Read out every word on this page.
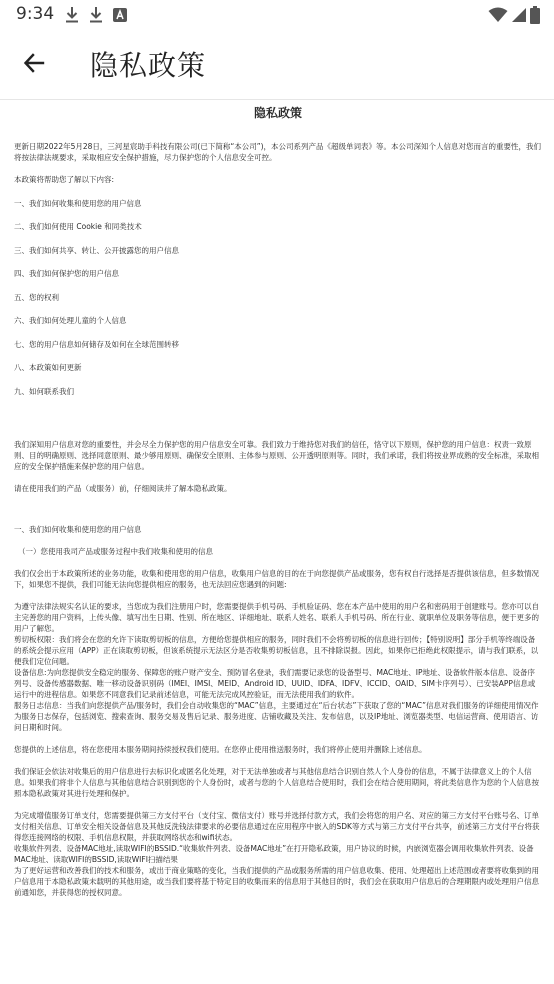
9:34
隐私政策
隐私政策
更新日期2022年5月28日，三河星宸助手科技有限公司(已下简称“本公司”)，本公司系列产品《超级单词表》等。本公司深知个人信息对您而言的重要性，我们将按法律法规要求，采取相应安全保护措施，尽力保护您的个人信息安全可控。
本政策将帮助您了解以下内容:
一、我们如何收集和使用您的用户信息
二、我们如何使用 Cookie 和同类技术
三、我们如何共享、转让、公开披露您的用户信息
四、我们如何保护您的用户信息
五、您的权利
六、我们如何处理儿童的个人信息
七、您的用户信息如何储存及如何在全球范围转移
八、本政策如何更新
九、如何联系我们
我们深知用户信息对您的重要性，并会尽全力保护您的用户信息安全可靠。我们致力于维持您对我们的信任，恪守以下原则，保护您的用户信息：权责一致原则、目的明确原则、选择同意原则、最少够用原则、确保安全原则、主体参与原则、公开透明原则等。同时，我们承诺，我们将按业界成熟的安全标准，采取相应的安全保护措施来保护您的用户信息。
请在使用我们的产品（或服务）前，仔细阅读并了解本隐私政策。
一、我们如何收集和使用您的用户信息
（一）您使用我司产品或服务过程中我们收集和使用的信息
我们仅会出于本政策所述的业务功能，收集和使用您的用户信息，收集用户信息的目的在于向您提供产品或服务，您有权自行选择是否提供该信息，但多数情况下，如果您不提供，我们可能无法向您提供相应的服务，也无法回应您遇到的问题:
为遵守法律法规实名认证的要求，当您成为我们注册用户时，您需要提供手机号码、手机验证码、您在本产品中使用的用户名和密码用于创建账号。您亦可以自主完善您的用户资料，上传头像、填写出生日期、性别、所在地区、详细地址、联系人姓名、联系人手机号码、所在行业、就职单位及职务等信息，便于更多的用户了解您。
剪切板权限：我们将会在您的允许下读取剪切板的信息，方便给您提供相应的服务，同时我们不会将剪切板的信息进行回传；【特别说明】部分手机等终端设备的系统会提示应用（APP）正在读取剪切板，但该系统提示无法区分是否收集剪切板信息，且不排除误报。因此，如果你已拒绝此权限提示，请与我们联系，以便我们定位问题。
设备信息:为向您提供安全稳定的服务、保障您的账户财产安全、预防冒名登录，我们需要记录您的设备型号、MAC地址、IP地址、设备软件版本信息、设备序列号、设备传感器数据、唯一移动设备识别码（IMEI、IMSI、MEID、Android ID、UUID、IDFA、IDFV、ICCID、OAID、SIM卡序列号）、已安装APP信息或运行中的进程信息。如果您不同意我们记录前述信息，可能无法完成风控验证，而无法使用我们的软件。
服务日志信息：当我们向您提供产品/服务时，我们会自动收集您的“MAC”信息，主要通过在“后台状态”下获取了您的“MAC”信息对我们服务的详细使用情况作为服务日志保存，包括浏览、搜索查询、服务交易及售后记录、服务进度、店铺收藏及关注、发布信息，以及IP地址、浏览器类型、电信运营商、使用语言、访问日期和时间。
您提供的上述信息，将在您使用本服务期间持续授权我们使用。在您停止使用推送服务时，我们将停止使用并删除上述信息。
我们保证会依法对收集后的用户信息进行去标识化或匿名化处理，对于无法单独或者与其他信息结合识别自然人个人身份的信息，不属于法律意义上的个人信息。如果我们将非个人信息与其他信息结合识别到您的个人身份时，或者与您的个人信息结合使用时，我们会在结合使用期间，将此类信息作为您的个人信息按照本隐私政策对其进行处理和保护。
为完成增值服务订单支付，您需要提供第三方支付平台（支付宝、微信支付）账号并选择付款方式，我们会将您的用户名、对应的第三方支付平台账号名、订单支付相关信息、订单安全相关设备信息及其他反洗钱法律要求的必要信息通过在应用程序中嵌入的SDK等方式与第三方支付平台共享，前述第三方支付平台将获得您连接网络的权限、手机信息权限，并获取网络状态和wifi状态。
收集软件列表、设备MAC地址,读取WIFI的BSSID.“收集软件列表、设备MAC地址”在打开隐私政策，用户协议的时候，内嵌浏览器会调用收集软件列表、设备MAC地址、读取WIFI的BSSID,读取WIFI扫描结果
为了更好运营和改善我们的技术和服务，或出于商业策略的变化，当我们提供的产品或服务所需的用户信息收集、使用、处理超出上述范围或者要将收集到的用户信息用于本隐私政策未载明的其他用途，或当我们要将基于特定目的收集而来的信息用于其他目的时，我们会在获取用户信息后的合理期限内或处理用户信息前通知您，并获得您的授权同意。
